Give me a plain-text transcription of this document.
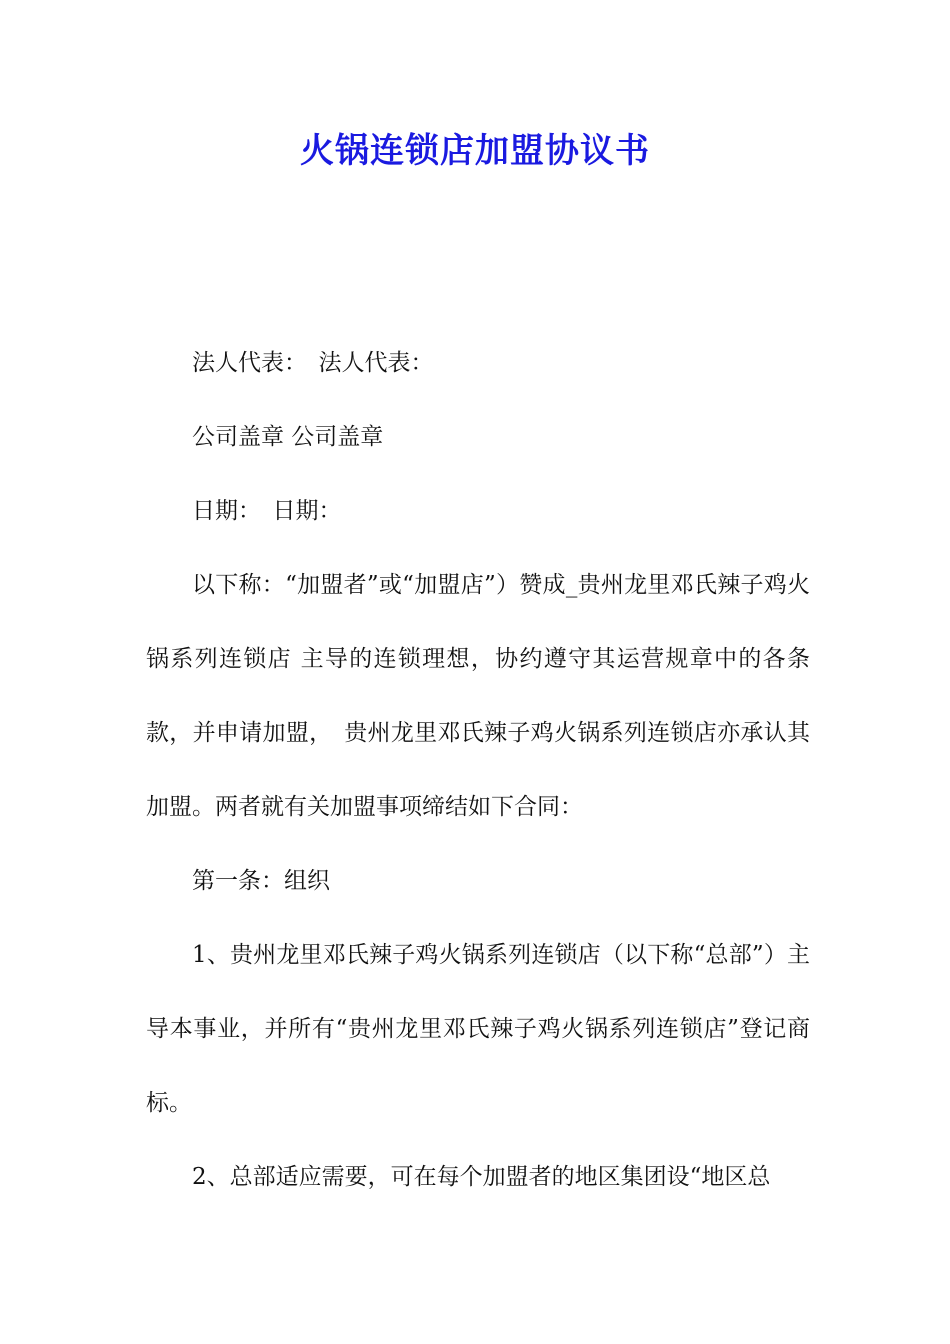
火锅连锁店加盟协议书

法人代表：　法人代表：

公司盖章 公司盖章

日期：　日期：

以下称：“加盟者”或“加盟店”）赞成_贵州龙里邓氏辣子鸡火锅系列连锁店 主导的连锁理想，协约遵守其运营规章中的各条款，并申请加盟，　贵州龙里邓氏辣子鸡火锅系列连锁店亦承认其加盟。两者就有关加盟事项缔结如下合同：

第一条：组织

1、贵州龙里邓氏辣子鸡火锅系列连锁店（以下称“总部”）主导本事业，并所有“贵州龙里邓氏辣子鸡火锅系列连锁店”登记商标。

2、总部适应需要，可在每个加盟者的地区集团设“地区总
